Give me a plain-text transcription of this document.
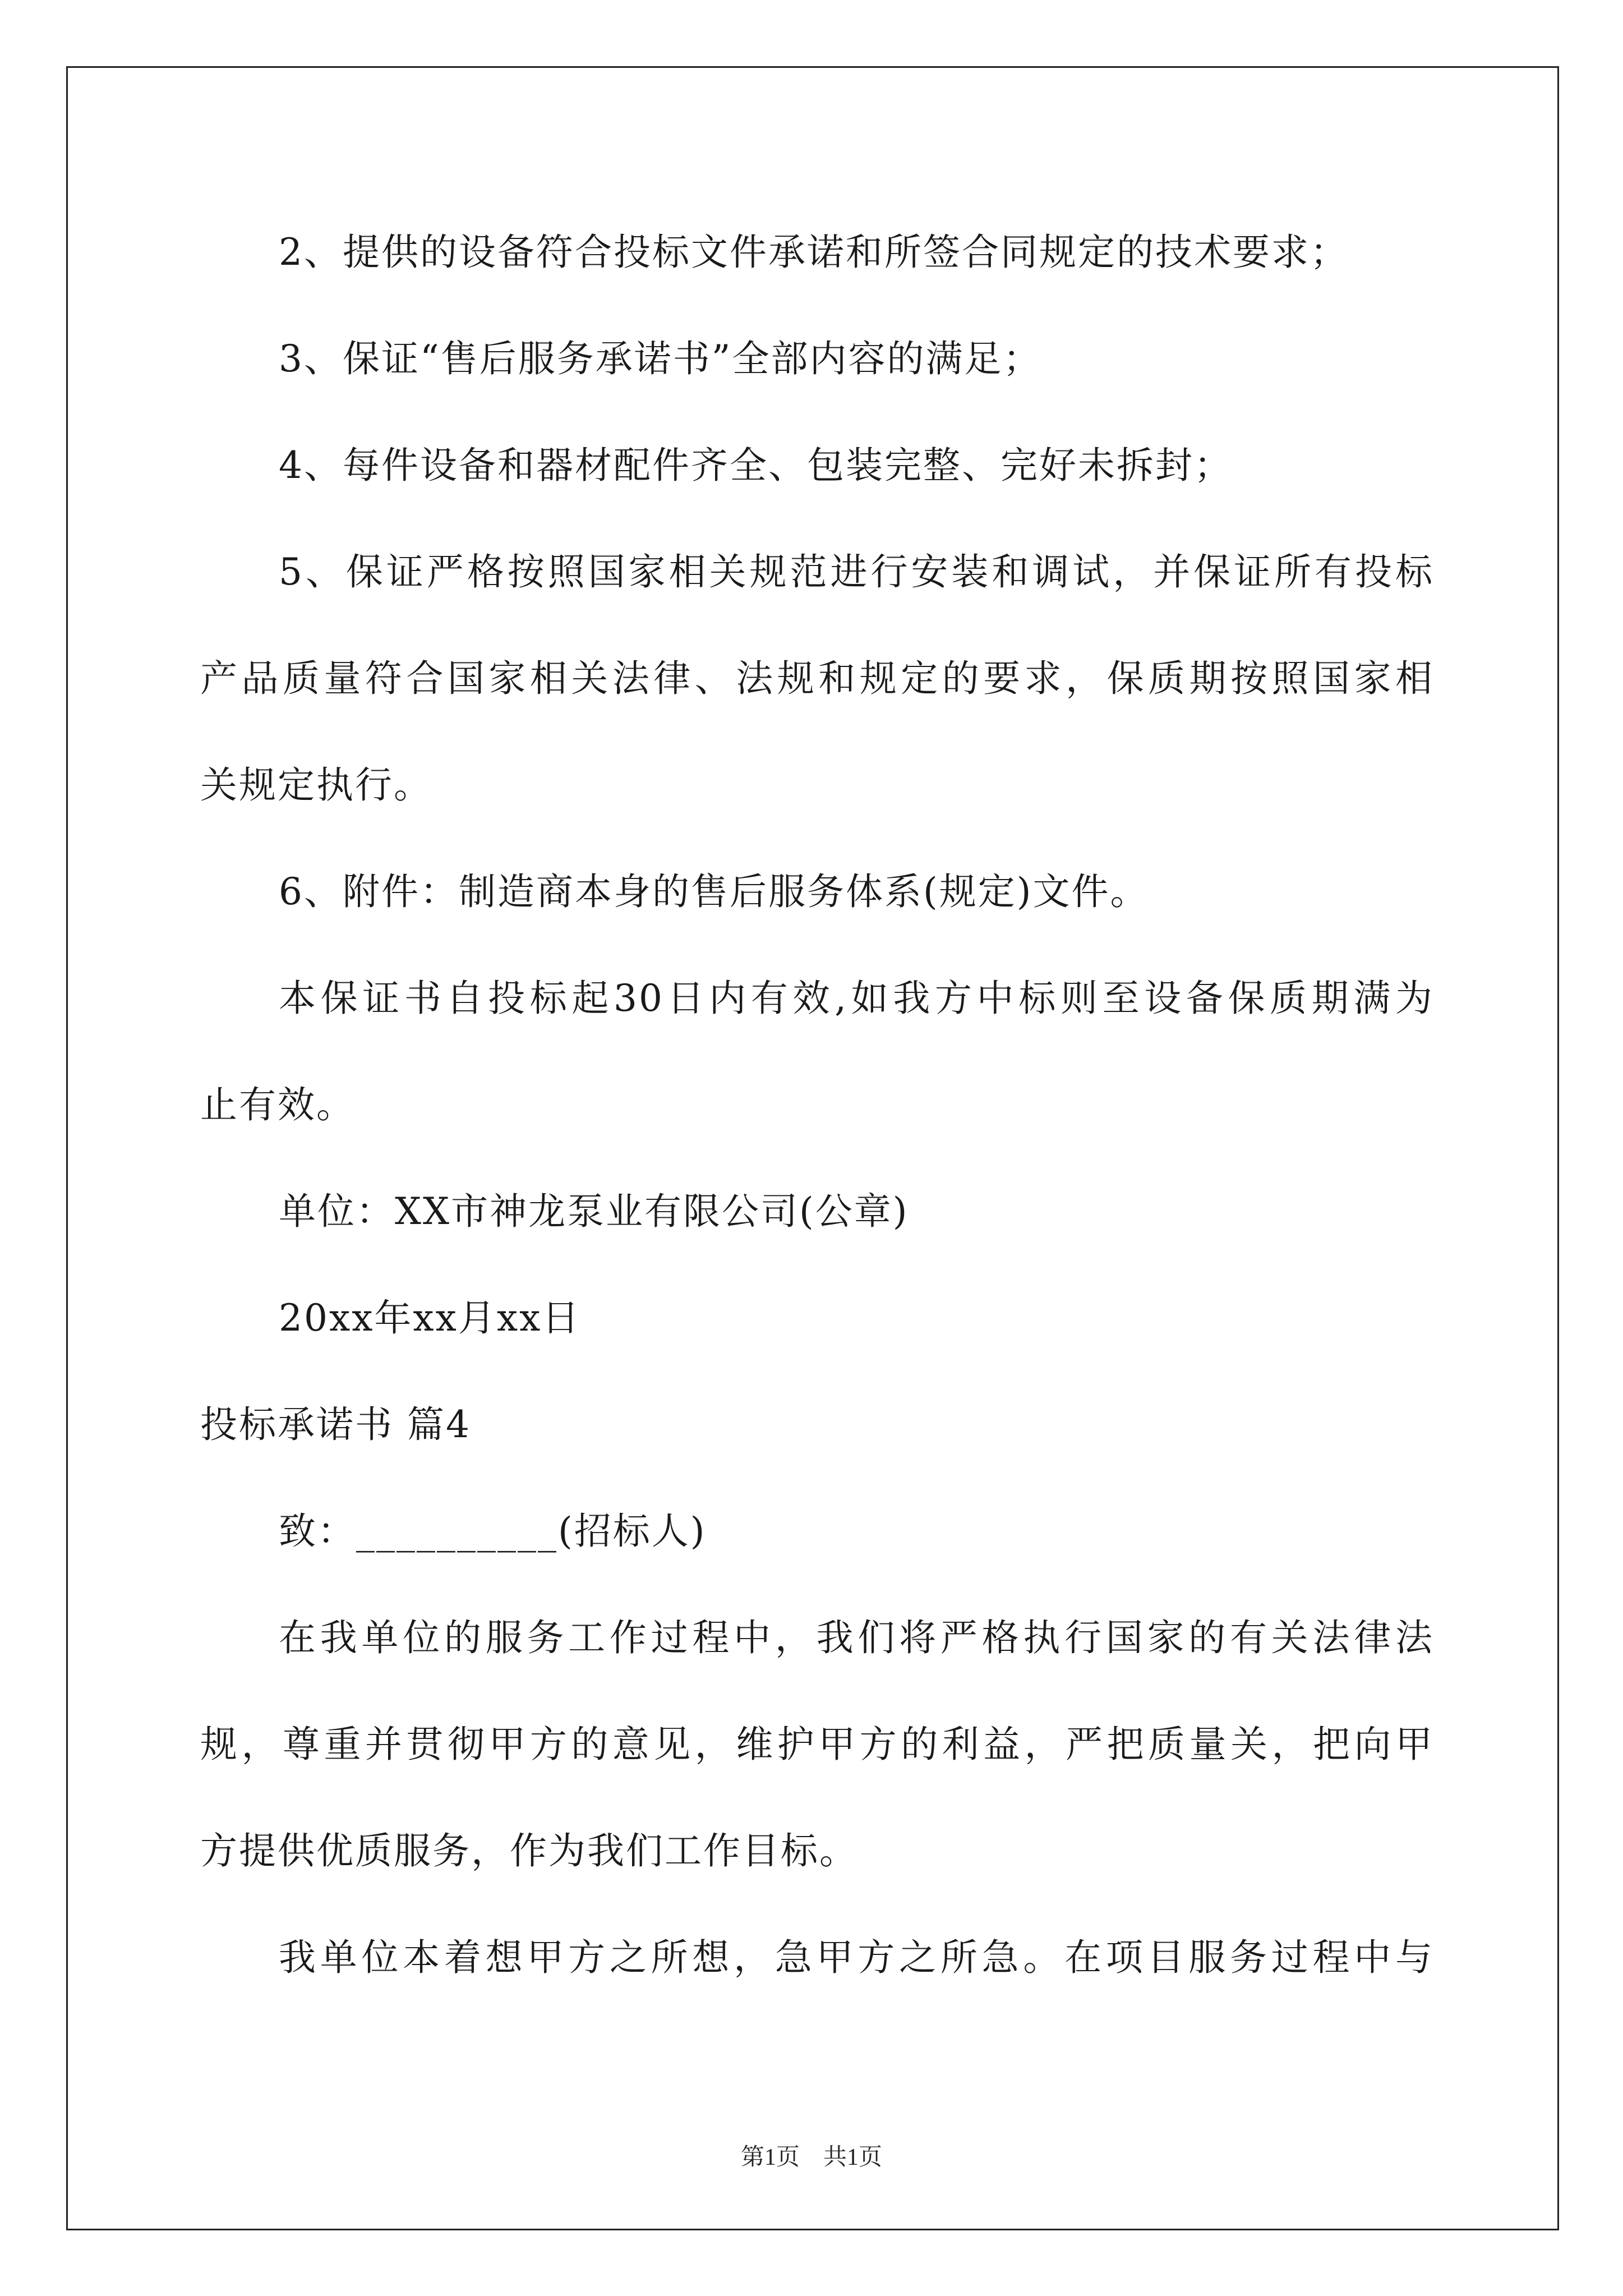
2、提供的设备符合投标文件承诺和所签合同规定的技术要求；
3、保证“售后服务承诺书”全部内容的满足；
4、每件设备和器材配件齐全、包装完整、完好未拆封；
5、保证严格按照国家相关规范进行安装和调试，并保证所有投标
产品质量符合国家相关法律、法规和规定的要求，保质期按照国家相
关规定执行。
6、附件：制造商本身的售后服务体系(规定)文件。
本保证书自投标起30日内有效,如我方中标则至设备保质期满为
止有效。
单位：XX市神龙泵业有限公司(公章)
20xx年xx月xx日
投标承诺书 篇4
致：__________(招标人)
在我单位的服务工作过程中，我们将严格执行国家的有关法律法
规，尊重并贯彻甲方的意见，维护甲方的利益，严把质量关，把向甲
方提供优质服务，作为我们工作目标。
我单位本着想甲方之所想，急甲方之所急。在项目服务过程中与
第1页　共1页
